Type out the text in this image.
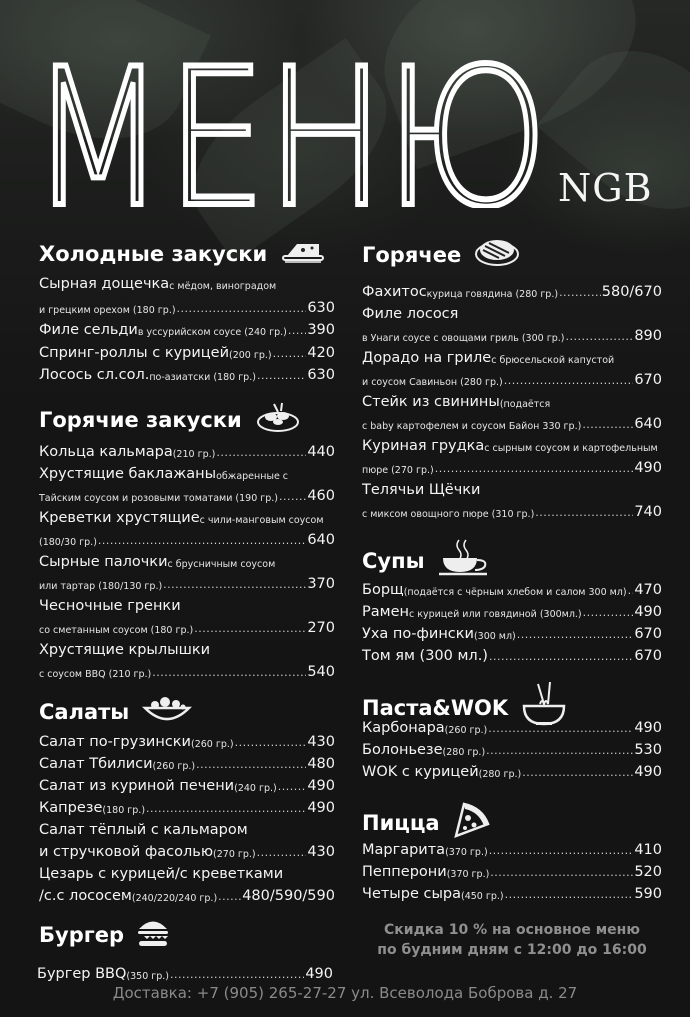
МЕНЮ NGB
Холодные закуски
Сырная дощечка с мёдом, виноградом
и грецким орехом (180 гр.) .....	630
Филе сельди в уссурийском соусе (240 гр.) ..... 390
Спринг-роллы с курицей (200 гр.) ..... 420
Лосось сл.сол. по-азиатски (180 гр.) .....	630
Горячие закуски
Кольца кальмара (210 гр.) .....	440
Хрустящие баклажаны обжаренные с
Тайским соусом и розовыми томатами (190 гр.) ..... 460
Креветки хрустящие с чили-манговым соусом
(180/30 гр.) .....	640
Сырные палочки с брусничным соусом
или тартар (180/130 гр.) .....	370
Чесночные гренки
со сметанным соусом (180 гр.) .....	270
Хрустящие крылышки
с соусом BBQ (210 гр.) .....	540
Салаты
Салат по-грузински (260 гр.) .....	430
Салат Тбилиси (260 гр.) .....	480
Салат из куриной печени (240 гр.) ..... 490
Капрезе (180 гр.) .....	490
Салат тёплый с кальмаром
и стручковой фасолью (270 гр.) .....	430
Цезарь с курицей/с креветками
/с.с лососем (240/220/240 гр.) ..... 480/590/590
Бургер
Бургер BBQ (350 гр.) .....	490
Горячее
Фахитос курица говядина (280 гр.) .....	580/670
Филе лосося
в Унаги соусе с овощами гриль (300 гр.) .....	890
Дорадо на гриле с брюсельской капустой
и соусом Савиньон (280 гр.) .....	670
Стейк из свинины (подаётся
с baby картофелем и соусом Байон 330 гр.) .....	640
Куриная грудка с сырным соусом и картофельным
пюре (270 гр.) .....	490
Телячьи Щёчки
с миксом овощного пюре (310 гр.) .....	740
Супы
Борщ (подаётся с чёрным хлебом и салом 300 мл) ..... 470
Рамен с курицей или говядиной (300мл.) .....	490
Уха по-фински (300 мл) .....	670
Том ям (300 мл.) .....	670
Паста&WOK
Карбонара (260 гр.) .....	490
Болоньезе (280 гр.) .....	530
WOK с курицей (280 гр.) .....	490
Пицца
Маргарита (370 гр.) .....	410
Пепперони (370 гр.) .....	520
Четыре сыра (450 гр.) .....	590
Скидка 10 % на основное меню
по будним дням с 12:00 до 16:00
Доставка: +7 (905) 265-27-27 ул. Всеволода Боброва д. 27
